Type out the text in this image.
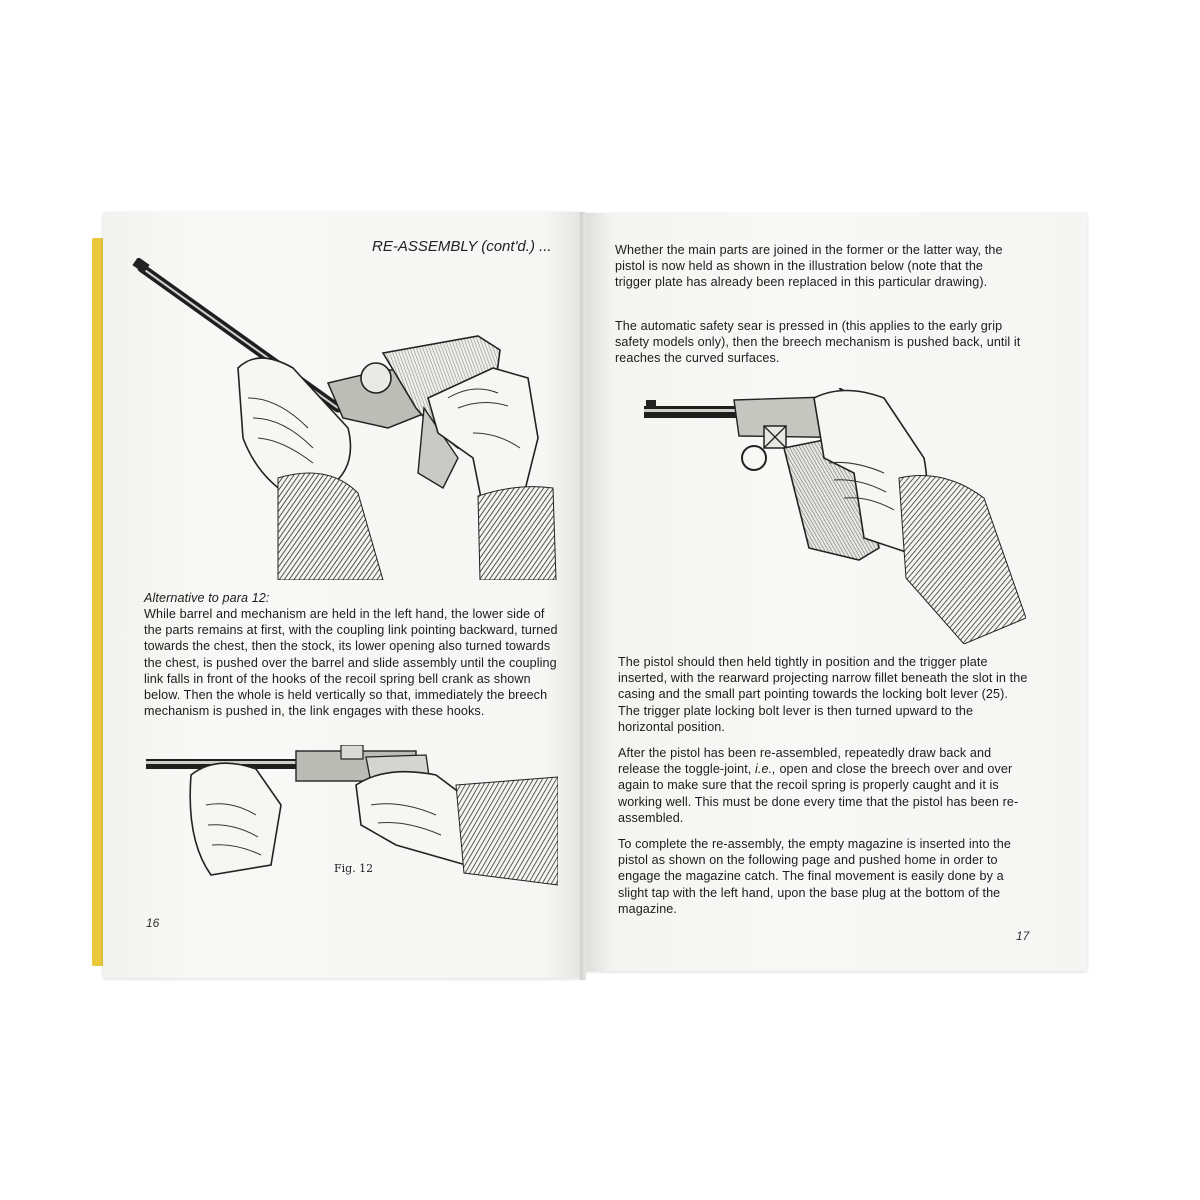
RE-ASSEMBLY (cont'd.) ...
Alternative to para 12:

While barrel and mechanism are held in the left hand, the lower side of the parts remains at first, with the coupling link pointing backward, turned towards the chest, then the stock, its lower opening also turned towards the chest, is pushed over the barrel and slide assembly until the coupling link falls in front of the hooks of the recoil spring bell crank as shown below. Then the whole is held vertically so that, immediately the breech mechanism is pushed in, the link engages with these hooks.

Fig. 12
16

Whether the main parts are joined in the former or the latter way, the pistol is now held as shown in the illustration below (note that the trigger plate has already been replaced in this particular drawing).

The automatic safety sear is pressed in (this applies to the early grip safety models only), then the breech mechanism is pushed back, until it reaches the curved surfaces.

The pistol should then held tightly in position and the trigger plate inserted, with the rearward projecting narrow fillet beneath the slot in the casing and the small part pointing towards the locking bolt lever (25). The trigger plate locking bolt lever is then turned upward to the horizontal position.

After the pistol has been re-assembled, repeatedly draw back and release the toggle-joint, i.e., open and close the breech over and over again to make sure that the recoil spring is properly caught and it is working well. This must be done every time that the pistol has been re-assembled.

To complete the re-assembly, the empty magazine is inserted into the pistol as shown on the following page and pushed home in order to engage the magazine catch. The final movement is easily done by a slight tap with the left hand, upon the base plug at the bottom of the magazine.

17
